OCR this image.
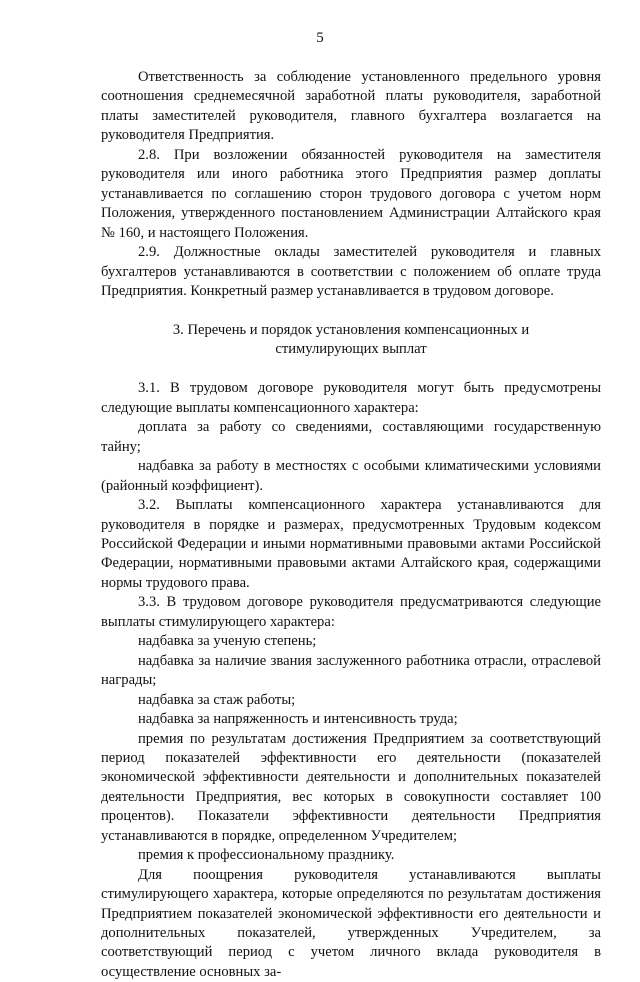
5

Ответственность за соблюдение установленного предельного уровня соотношения среднемесячной заработной платы руководителя, заработной платы заместителей руководителя, главного бухгалтера возлагается на руководителя Предприятия.

2.8. При возложении обязанностей руководителя на заместителя руководителя или иного работника этого Предприятия размер доплаты устанавливается по соглашению сторон трудового договора с учетом норм Положения, утвержденного постановлением Администрации Алтайского края № 160, и настоящего Положения.

2.9. Должностные оклады заместителей руководителя и главных бухгалтеров устанавливаются в соответствии с положением об оплате труда Предприятия. Конкретный размер устанавливается в трудовом договоре.

3. Перечень и порядок установления компенсационных и
стимулирующих выплат

3.1. В трудовом договоре руководителя могут быть предусмотрены следующие выплаты компенсационного характера:

доплата за работу со сведениями, составляющими государственную тайну;

надбавка за работу в местностях с особыми климатическими условиями (районный коэффициент).

3.2. Выплаты компенсационного характера устанавливаются для руководителя в порядке и размерах, предусмотренных Трудовым кодексом Российской Федерации и иными нормативными правовыми актами Российской Федерации, нормативными правовыми актами Алтайского края, содержащими нормы трудового права.

3.3. В трудовом договоре руководителя предусматриваются следующие выплаты стимулирующего характера:

надбавка за ученую степень;

надбавка за наличие звания заслуженного работника отрасли, отраслевой награды;

надбавка за стаж работы;

надбавка за напряженность и интенсивность труда;

премия по результатам достижения Предприятием за соответствующий период показателей эффективности его деятельности (показателей экономической эффективности деятельности и дополнительных показателей деятельности Предприятия, вес которых в совокупности составляет 100 процентов). Показатели эффективности деятельности Предприятия устанавливаются в порядке, определенном Учредителем;

премия к профессиональному празднику.

Для поощрения руководителя устанавливаются выплаты стимулирующего характера, которые определяются по результатам достижения Предприятием показателей экономической эффективности его деятельности и дополнительных показателей, утвержденных Учредителем, за соответствующий период с учетом личного вклада руководителя в осуществление основных за-
